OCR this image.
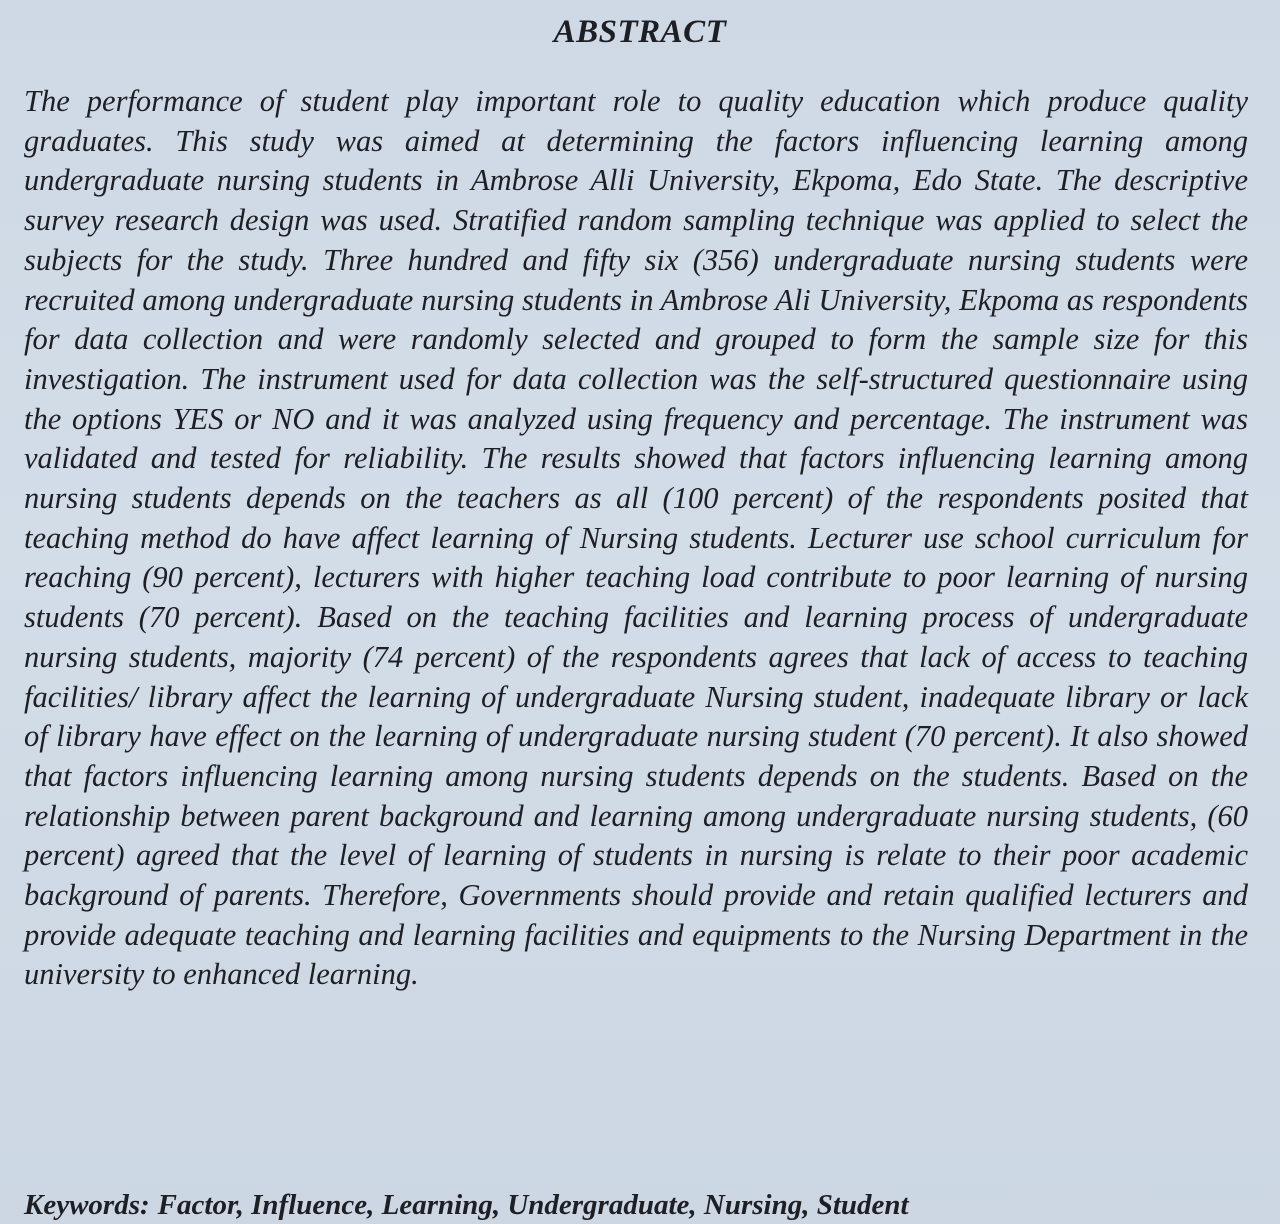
ABSTRACT
The performance of student play important role to quality education which produce quality graduates. This study was aimed at determining the factors influencing learning among undergraduate nursing students in Ambrose Alli University, Ekpoma, Edo State. The descriptive survey research design was used. Stratified random sampling technique was applied to select the subjects for the study. Three hundred and fifty six (356) undergraduate nursing students were recruited among undergraduate nursing students in Ambrose Ali University, Ekpoma as respondents for data collection and were randomly selected and grouped to form the sample size for this investigation. The instrument used for data collection was the self-structured questionnaire using the options YES or NO and it was analyzed using frequency and percentage. The instrument was validated and tested for reliability. The results showed that factors influencing learning among nursing students depends on the teachers as all (100 percent) of the respondents posited that teaching method do have affect learning of Nursing students. Lecturer use school curriculum for reaching (90 percent), lecturers with higher teaching load contribute to poor learning of nursing students (70 percent). Based on the teaching facilities and learning process of undergraduate nursing students, majority (74 percent) of the respondents agrees that lack of access to teaching facilities/ library affect the learning of undergraduate Nursing student, inadequate library or lack of library have effect on the learning of undergraduate nursing student (70 percent). It also showed that factors influencing learning among nursing students depends on the students. Based on the relationship between parent background and learning among undergraduate nursing students, (60 percent) agreed that the level of learning of students in nursing is relate to their poor academic background of parents. Therefore, Governments should provide and retain qualified lecturers and provide adequate teaching and learning facilities and equipments to the Nursing Department in the university to enhanced learning.
Keywords: Factor, Influence, Learning, Undergraduate, Nursing, Student
